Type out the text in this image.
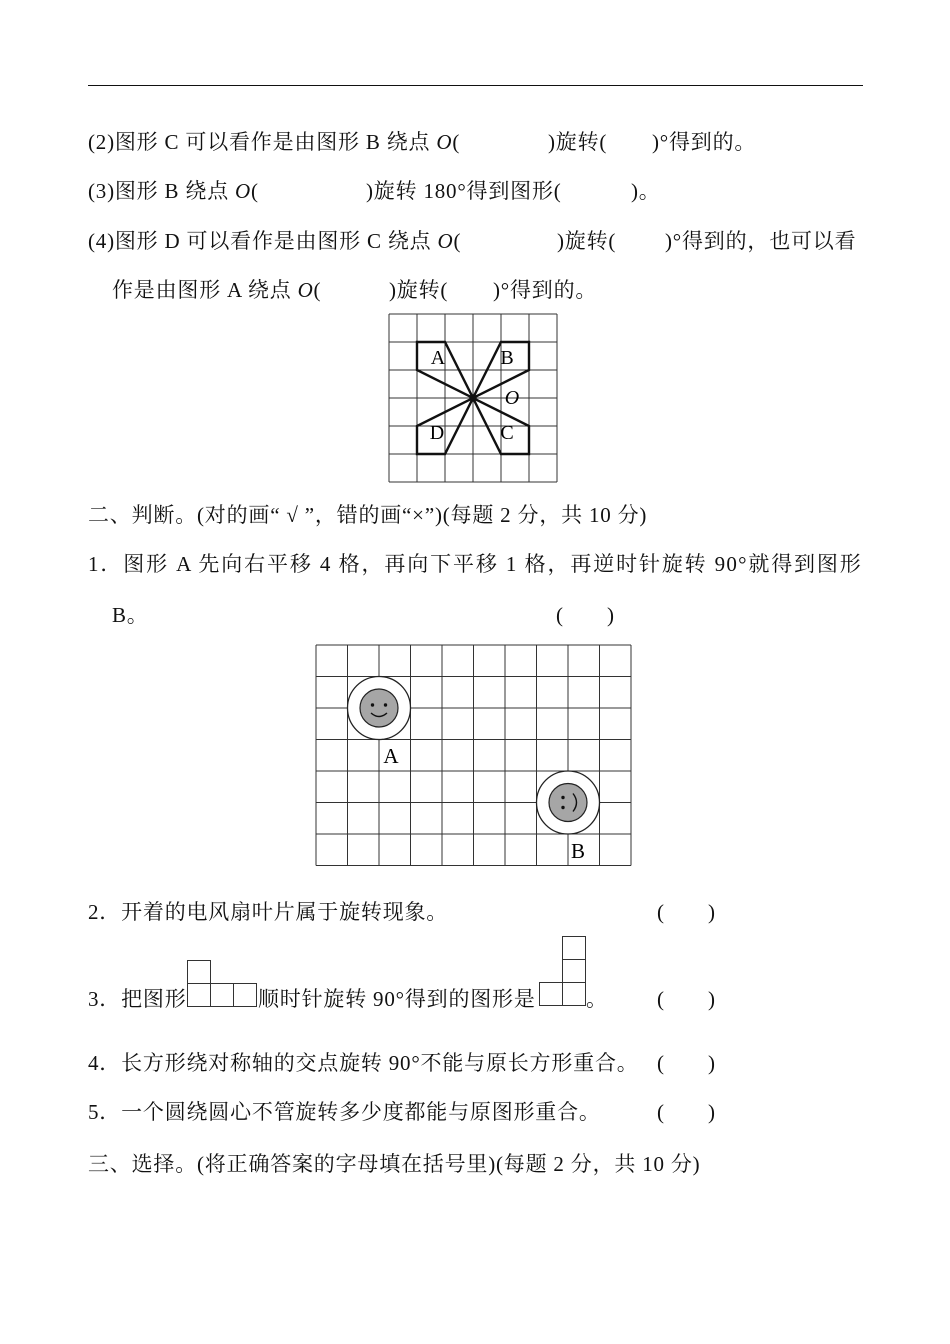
(2)图形 C 可以看作是由图形 B 绕点 O(	)旋转( )°得到的。
(3)图形 B 绕点 O(	)旋转 180°得到图形(	)。
(4)图形 D 可以看作是由图形 C 绕点 O(	)旋转( )°得到的，也可以看
作是由图形 A 绕点 O(	)旋转( )°得到的。
A	B
O
D	C
二、判断。(对的画“ √ ”，错的画“×”)(每题 2 分，共 10 分)
1．图形 A 先向右平移 4 格，再向下平移 1 格，再逆时针旋转 90°就得到图形
B。	( )
A
B
2．开着的电风扇叶片属于旋转现象。	( )
3．把图形	顺时针旋转 90°得到的图形是 。 ( )
4．长方形绕对称轴的交点旋转 90°不能与原长方形重合。 ( )
5．一个圆绕圆心不管旋转多少度都能与原图形重合。	( )
三、选择。(将正确答案的字母填在括号里)(每题 2 分，共 10 分)
